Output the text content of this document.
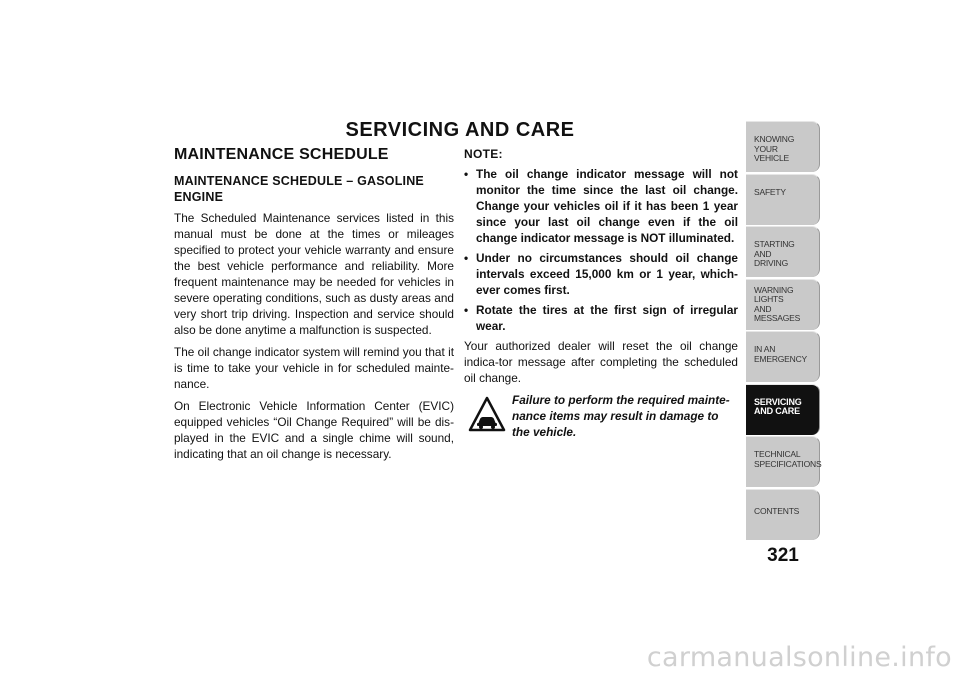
SERVICING AND CARE
MAINTENANCE SCHEDULE
MAINTENANCE SCHEDULE – GASOLINE ENGINE

The Scheduled Maintenance services listed in this manual must be done at the times or mileages specified to protect your vehicle warranty and ensure the best vehicle performance and reliability. More frequent maintenance may be needed for vehicles in severe operating conditions, such as dusty areas and very short trip driving. Inspection and service should also be done anytime a malfunction is suspected.

The oil change indicator system will remind you that it is time to take your vehicle in for scheduled mainte-nance.

On Electronic Vehicle Information Center (EVIC) equipped vehicles “Oil Change Required” will be dis-played in the EVIC and a single chime will sound, indicating that an oil change is necessary.

NOTE:
• The oil change indicator message will not monitor the time since the last oil change. Change your vehicles oil if it has been 1 year since your last oil change even if the oil change indicator message is NOT illuminated.
• Under no circumstances should oil change intervals exceed 15,000 km or 1 year, which-ever comes first.
• Rotate the tires at the first sign of irregular wear.

Your authorized dealer will reset the oil change indica-tor message after completing the scheduled oil change.

Failure to perform the required mainte-nance items may result in damage to the vehicle.
KNOWING
YOUR
VEHICLE
SAFETY
STARTING
AND
DRIVING
WARNING
LIGHTS
AND
MESSAGES
IN AN
EMERGENCY
SERVICING
AND CARE
TECHNICAL
SPECIFICATIONS
CONTENTS
321
carmanualsonline.info
